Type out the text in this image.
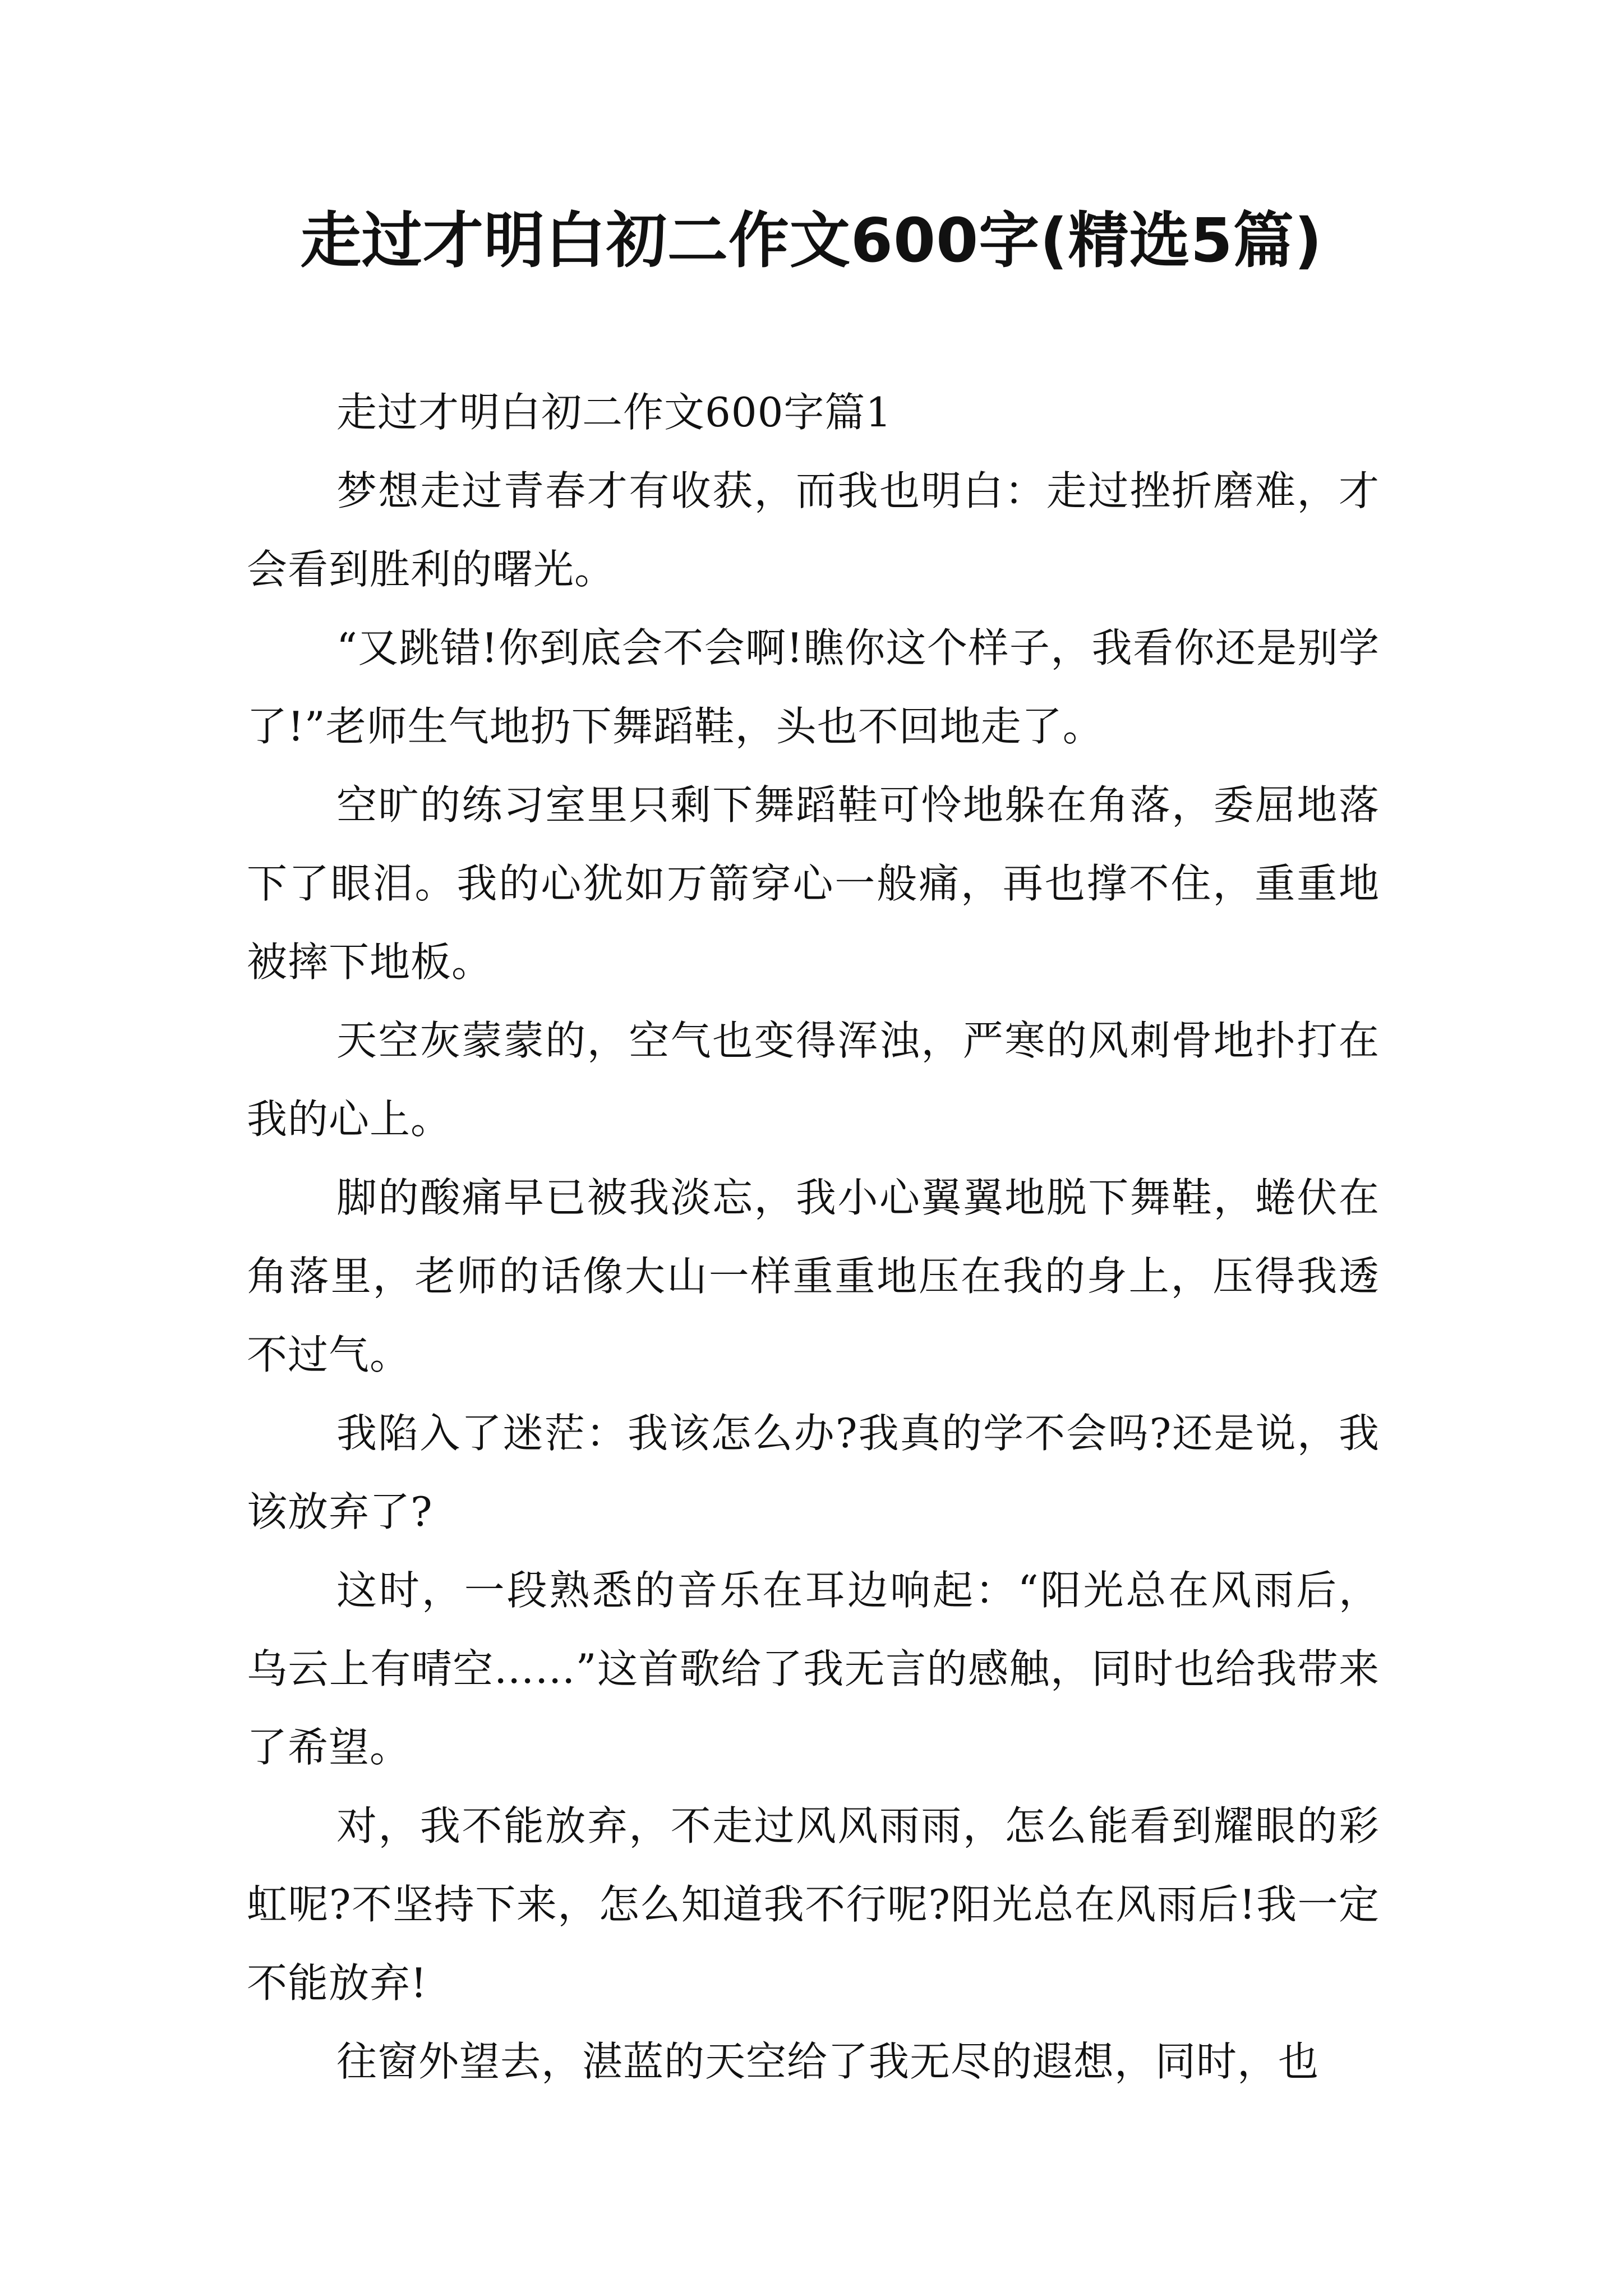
走过才明白初二作文600字(精选5篇)

走过才明白初二作文600字篇1

梦想走过青春才有收获，而我也明白：走过挫折磨难，才会看到胜利的曙光。

“又跳错!你到底会不会啊!瞧你这个样子，我看你还是别学了!”老师生气地扔下舞蹈鞋，头也不回地走了。

空旷的练习室里只剩下舞蹈鞋可怜地躲在角落，委屈地落下了眼泪。我的心犹如万箭穿心一般痛，再也撑不住，重重地被摔下地板。

天空灰蒙蒙的，空气也变得浑浊，严寒的风刺骨地扑打在我的心上。

脚的酸痛早已被我淡忘，我小心翼翼地脱下舞鞋，蜷伏在角落里，老师的话像大山一样重重地压在我的身上，压得我透不过气。

我陷入了迷茫：我该怎么办?我真的学不会吗?还是说，我该放弃了?

这时，一段熟悉的音乐在耳边响起：“阳光总在风雨后，乌云上有晴空……”这首歌给了我无言的感触，同时也给我带来了希望。

对，我不能放弃，不走过风风雨雨，怎么能看到耀眼的彩虹呢?不坚持下来，怎么知道我不行呢?阳光总在风雨后!我一定不能放弃!

往窗外望去，湛蓝的天空给了我无尽的遐想，同时，也
